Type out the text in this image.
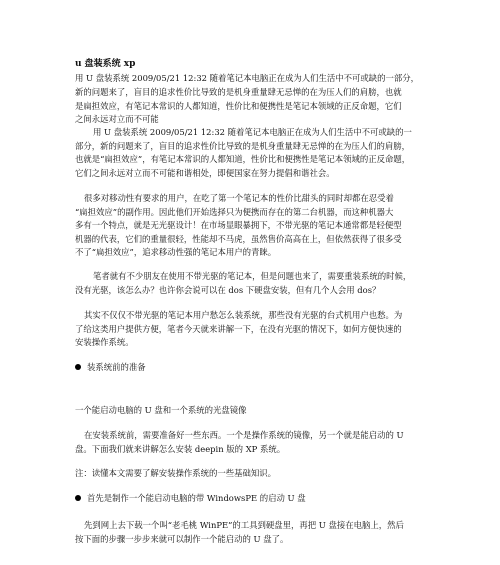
u 盘装系统 xp
用 U 盘装系统 2009/05/21 12:32 随着笔记本电脑正在成为人们生活中不可或缺的一部分，
新的问题来了，盲目的追求性价比导致的是机身重量肆无忌惮的在为压人们的肩膀，也就
是扁担效应，有笔记本常识的人都知道，性价比和便携性是笔记本领域的正反命题，它们
之间永远对立而不可能
用 U 盘装系统 2009/05/21 12:32 随着笔记本电脑正在成为人们生活中不可或缺的一
部分，新的问题来了，盲目的追求性价比导致的是机身重量肆无忌惮的在为压人们的肩膀，
也就是“扁担效应”，有笔记本常识的人都知道，性价比和便携性是笔记本领域的正反命题，
它们之间永远对立而不可能和谐相处，即便国家在努力提倡和谐社会。
很多对移动性有要求的用户，在吃了第一个笔记本的性价比甜头的同时却都在忍受着
“扁担效应”的副作用。因此他们开始选择只为便携而存在的第二台机器，而这种机器大
多有一个特点，就是无光驱设计！在市场显眼暴拥下，不带光驱的笔记本通常都是轻便型
机器的代表，它们的重量很轻，性能却不马虎，虽然售价高高在上，但依然获得了很多受
不了“扁担效应”，追求移动性强的笔记本用户的青睐。
笔者就有不少朋友在使用不带光驱的笔记本，但是问题也来了，需要重装系统的时候，
没有光驱，该怎么办？也许你会说可以在 dos 下硬盘安装，但有几个人会用 dos？
其实不仅仅不带光驱的笔记本用户愁怎么装系统，那些没有光驱的台式机用户也愁。为
了给这类用户提供方便，笔者今天就来讲解一下，在没有光驱的情况下，如何方便快速的
安装操作系统。
装系统前的准备
一个能启动电脑的 U 盘和一个系统的光盘镜像
在安装系统前，需要准备好一些东西。一个是操作系统的镜像，另一个就是能启动的 U
盘。下面我们就来讲解怎么安装 deepin 版的 XP 系统。
注：读懂本文需要了解安装操作系统的一些基础知识。
首先是制作一个能启动电脑的带 WindowsPE 的启动 U 盘
先到网上去下载一个叫“老毛桃 WinPE”的工具到硬盘里，再把 U 盘接在电脑上，然后
按下面的步骤一步步来就可以制作一个能启动的 U 盘了。
